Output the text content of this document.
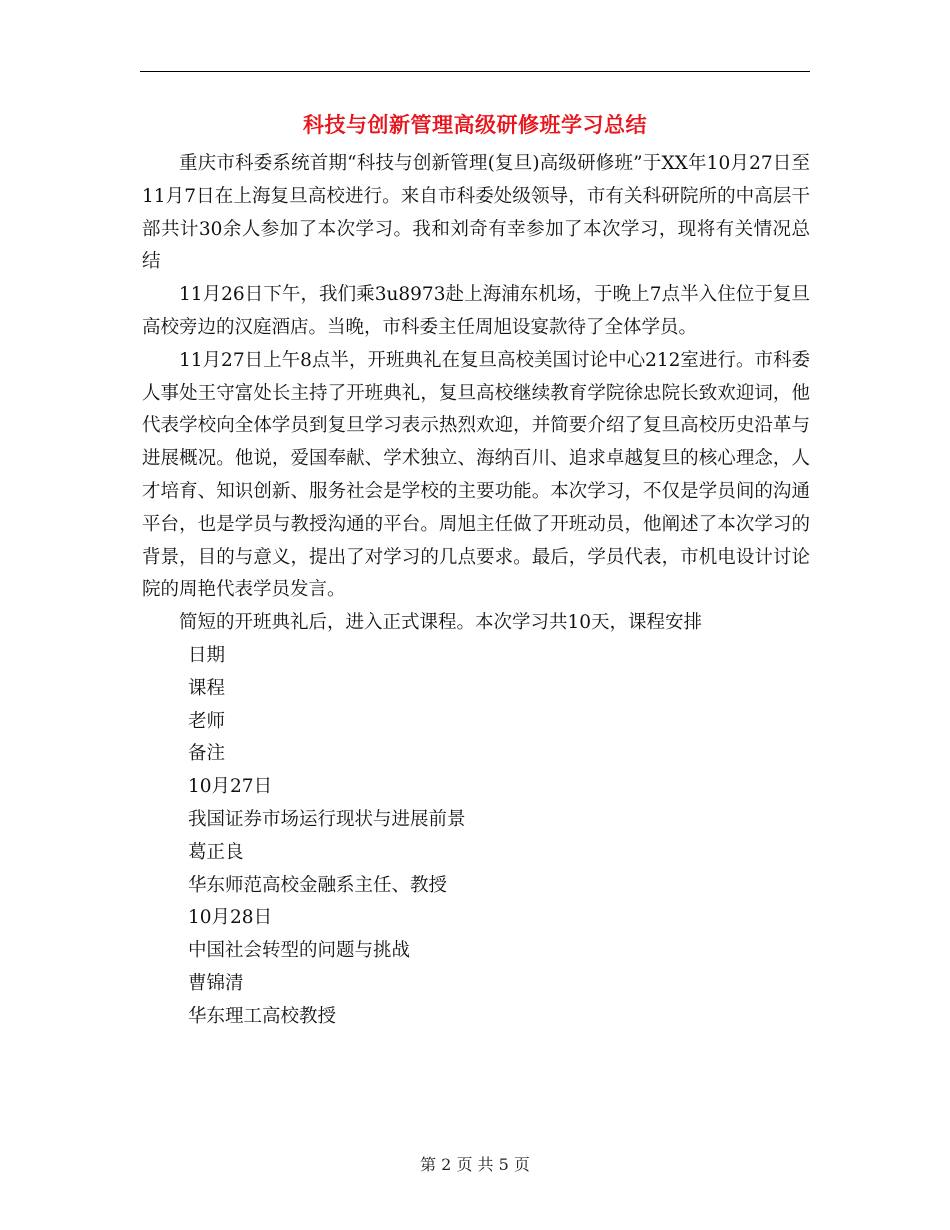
科技与创新管理高级研修班学习总结

重庆市科委系统首期“科技与创新管理(复旦)高级研修班”于XX年10月27日至11月7日在上海复旦高校进行。来自市科委处级领导，市有关科研院所的中高层干部共计30余人参加了本次学习。我和刘奇有幸参加了本次学习，现将有关情况总结

11月26日下午，我们乘3u8973赴上海浦东机场，于晚上7点半入住位于复旦高校旁边的汉庭酒店。当晚，市科委主任周旭设宴款待了全体学员。

11月27日上午8点半，开班典礼在复旦高校美国讨论中心212室进行。市科委人事处王守富处长主持了开班典礼，复旦高校继续教育学院徐忠院长致欢迎词，他代表学校向全体学员到复旦学习表示热烈欢迎，并简要介绍了复旦高校历史沿革与进展概况。他说，爱国奉献、学术独立、海纳百川、追求卓越复旦的核心理念，人才培育、知识创新、服务社会是学校的主要功能。本次学习，不仅是学员间的沟通平台，也是学员与教授沟通的平台。周旭主任做了开班动员，他阐述了本次学习的背景，目的与意义，提出了对学习的几点要求。最后，学员代表，市机电设计讨论院的周艳代表学员发言。

简短的开班典礼后，进入正式课程。本次学习共10天，课程安排

日期

课程

老师

备注

10月27日

我国证券市场运行现状与进展前景

葛正良

华东师范高校金融系主任、教授

10月28日

中国社会转型的问题与挑战

曹锦清

华东理工高校教授

第 2 页 共 5 页
